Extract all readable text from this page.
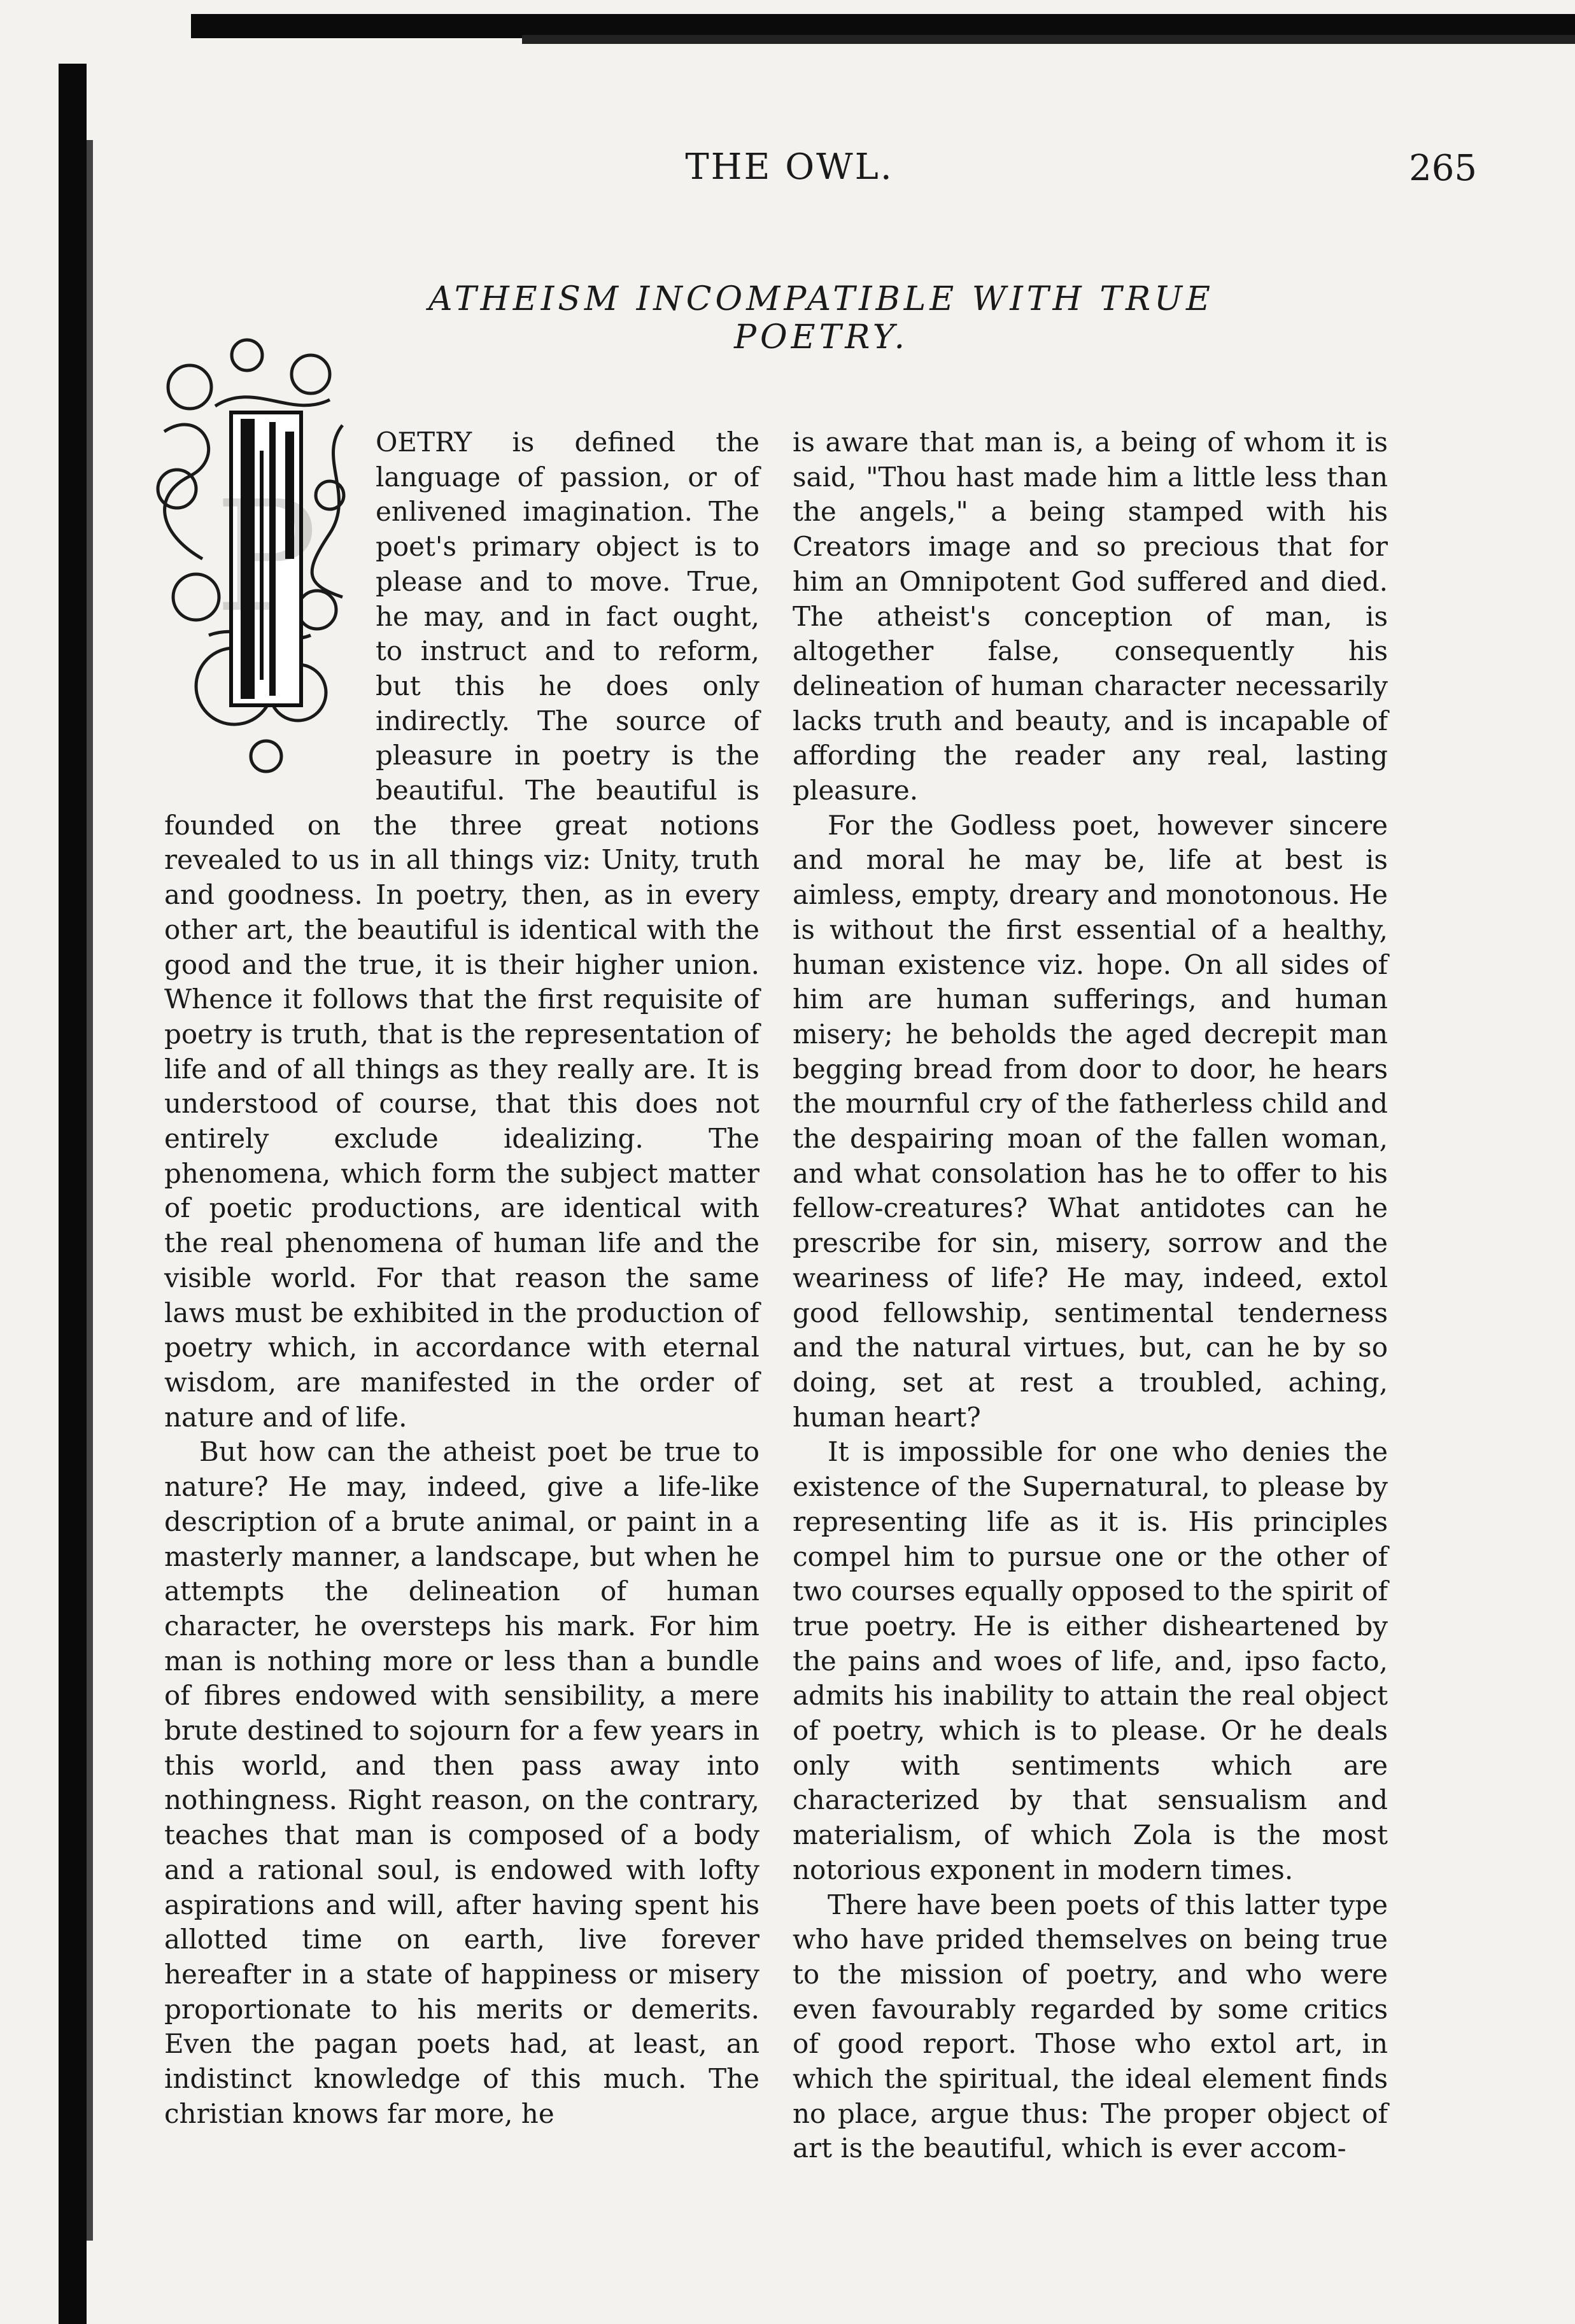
THE OWL.	265
ATHEISM INCOMPATIBLE WITH TRUE POETRY.
P

OETRY is defined the language of passion, or of enlivened imagination. The poet's primary object is to please and to move. True, he may, and in fact ought, to instruct and to reform, but this he does only indirectly. The source of pleasure in poetry is the beautiful. The beautiful is founded on the three great notions revealed to us in all things viz: Unity, truth and goodness. In poetry, then, as in every other art, the beautiful is identical with the good and the true, it is their higher union. Whence it follows that the first requisite of poetry is truth, that is the representation of life and of all things as they really are. It is understood of course, that this does not entirely exclude idealizing. The phenomena, which form the subject matter of poetic productions, are identical with the real phenomena of human life and the visible world. For that reason the same laws must be exhibited in the production of poetry which, in accordance with eternal wisdom, are manifested in the order of nature and of life.

But how can the atheist poet be true to nature? He may, indeed, give a life-like description of a brute animal, or paint in a masterly manner, a landscape, but when he attempts the delineation of human character, he oversteps his mark. For him man is nothing more or less than a bundle of fibres endowed with sensibility, a mere brute destined to sojourn for a few years in this world, and then pass away into nothingness. Right reason, on the contrary, teaches that man is composed of a body and a rational soul, is endowed with lofty aspirations and will, after having spent his allotted time on earth, live forever hereafter in a state of happiness or misery proportionate to his merits or demerits. Even the pagan poets had, at least, an indistinct knowledge of this much. The christian knows far more, he

is aware that man is, a being of whom it is said, "Thou hast made him a little less than the angels," a being stamped with his Creators image and so precious that for him an Omnipotent God suffered and died. The atheist's conception of man, is altogether false, consequently his delineation of human character necessarily lacks truth and beauty, and is incapable of affording the reader any real, lasting pleasure.

For the Godless poet, however sincere and moral he may be, life at best is aimless, empty, dreary and monotonous. He is without the first essential of a healthy, human existence viz. hope. On all sides of him are human sufferings, and human misery; he beholds the aged decrepit man begging bread from door to door, he hears the mournful cry of the fatherless child and the despairing moan of the fallen woman, and what consolation has he to offer to his fellow-creatures? What antidotes can he prescribe for sin, misery, sorrow and the weariness of life? He may, indeed, extol good fellowship, sentimental tenderness and the natural virtues, but, can he by so doing, set at rest a troubled, aching, human heart?

It is impossible for one who denies the existence of the Supernatural, to please by representing life as it is. His principles compel him to pursue one or the other of two courses equally opposed to the spirit of true poetry. He is either disheartened by the pains and woes of life, and, ipso facto, admits his inability to attain the real object of poetry, which is to please. Or he deals only with sentiments which are characterized by that sensualism and materialism, of which Zola is the most notorious exponent in modern times.

There have been poets of this latter type who have prided themselves on being true to the mission of poetry, and who were even favourably regarded by some critics of good report. Those who extol art, in which the spiritual, the ideal element finds no place, argue thus: The proper object of art is the beautiful, which is ever accom-
